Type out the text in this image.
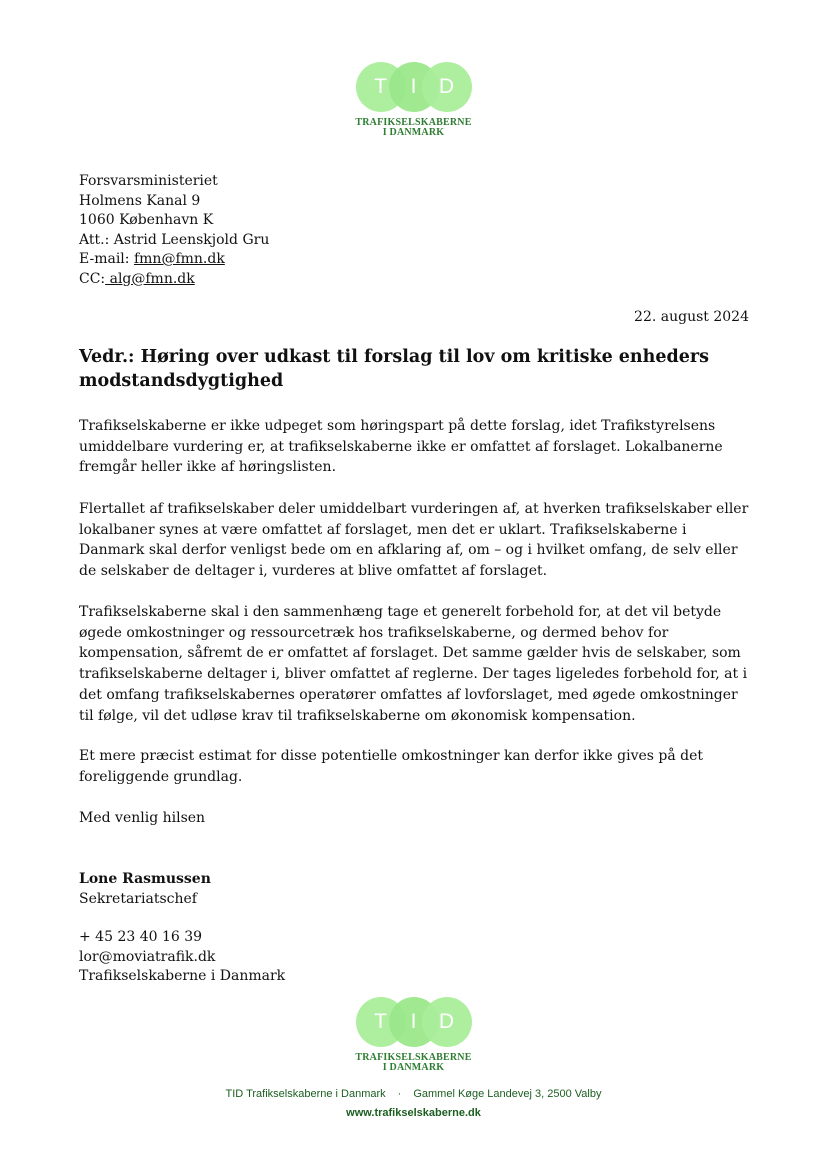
T	I	D
TRAFIKSELSKABERNE
I DANMARK
Forsvarsministeriet
Holmens Kanal 9
1060 København K
Att.: Astrid Leenskjold Gru
E-mail: fmn@fmn.dk
CC: alg@fmn.dk
22. august 2024
Vedr.: Høring over udkast til forslag til lov om kritiske enheders modstandsdygtighed
Trafikselskaberne er ikke udpeget som høringspart på dette forslag, idet Trafikstyrelsens umiddelbare vurdering er, at trafikselskaberne ikke er omfattet af forslaget. Lokalbanerne fremgår heller ikke af høringslisten.
Flertallet af trafikselskaber deler umiddelbart vurderingen af, at hverken trafikselskaber eller lokalbaner synes at være omfattet af forslaget, men det er uklart. Trafikselskaberne i Danmark skal derfor venligst bede om en afklaring af, om – og i hvilket omfang, de selv eller de selskaber de deltager i, vurderes at blive omfattet af forslaget.
Trafikselskaberne skal i den sammenhæng tage et generelt forbehold for, at det vil betyde øgede omkostninger og ressourcetræk hos trafikselskaberne, og dermed behov for kompensation, såfremt de er omfattet af forslaget. Det samme gælder hvis de selskaber, som trafikselskaberne deltager i, bliver omfattet af reglerne. Der tages ligeledes forbehold for, at i det omfang trafikselskabernes operatører omfattes af lovforslaget, med øgede omkostninger til følge, vil det udløse krav til trafikselskaberne om økonomisk kompensation.
Et mere præcist estimat for disse potentielle omkostninger kan derfor ikke gives på det foreliggende grundlag.
Med venlig hilsen
Lone Rasmussen
Sekretariatschef
+ 45 23 40 16 39
lor@moviatrafik.dk
Trafikselskaberne i Danmark
T	I	D
TRAFIKSELSKABERNE
I DANMARK
TID Trafikselskaberne i Danmark · Gammel Køge Landevej 3, 2500 Valby
www.trafikselskaberne.dk
